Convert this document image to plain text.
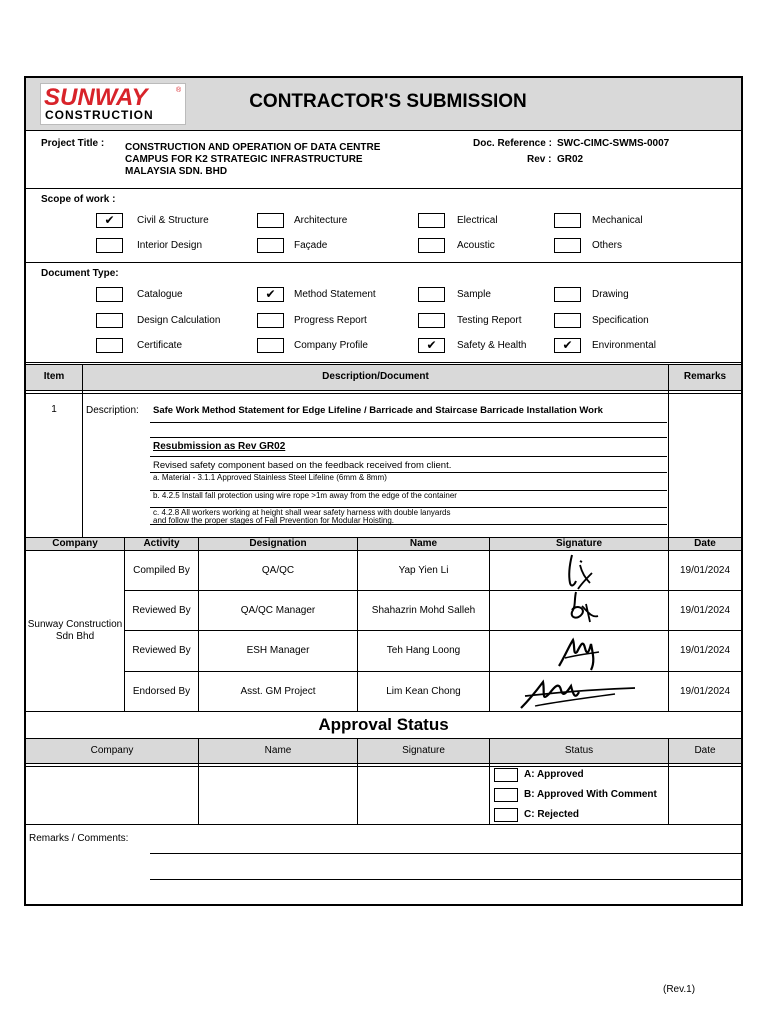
SUNWAY	®
CONSTRUCTION
CONTRACTOR'S SUBMISSION
Project Title : CONSTRUCTION AND OPERATION OF DATA CENTRE
CAMPUS FOR K2 STRATEGIC INFRASTRUCTURE
MALAYSIA SDN. BHD
Doc. Reference : SWC-CIMC-SWMS-0007
Rev : GR02
Scope of work :
✔	Civil & Structure	Architecture	Electrical	Mechanical
Interior Design	Façade	Acoustic	Others
Document Type:
Catalogue	✔	Method Statement	Sample	Drawing
Design Calculation	Progress Report	Testing Report	Specification
Certificate	Company Profile	✔	Safety & Health	✔	Environmental
Item	Description/Document	Remarks
1	Description: Safe Work Method Statement for Edge Lifeline / Barricade and Staircase Barricade Installation Work
Resubmission as Rev GR02
Revised safety component based on the feedback received from client.
a. Material - 3.1.1 Approved Stainless Steel Lifeline (6mm & 8mm)
b. 4.2.5 Install fall protection using wire rope >1m away from the edge of the container
c. 4.2.8 All workers working at height shall wear safety harness with double lanyards
and follow the proper stages of Fall Prevention for Modular Hoisting.
Company	Activity	Designation	Name	Signature	Date
Sunway Construction
Sdn Bhd
Compiled By	QA/QC	Yap Yien Li	19/01/2024
Reviewed By	QA/QC Manager	Shahazrin Mohd Salleh	19/01/2024
Reviewed By	ESH Manager	Teh Hang Loong	19/01/2024
Endorsed By	Asst. GM Project	Lim Kean Chong	19/01/2024
Approval Status
Company	Name	Signature	Status	Date
A: Approved
B: Approved With Comment
C: Rejected
Remarks / Comments:
(Rev.1)
